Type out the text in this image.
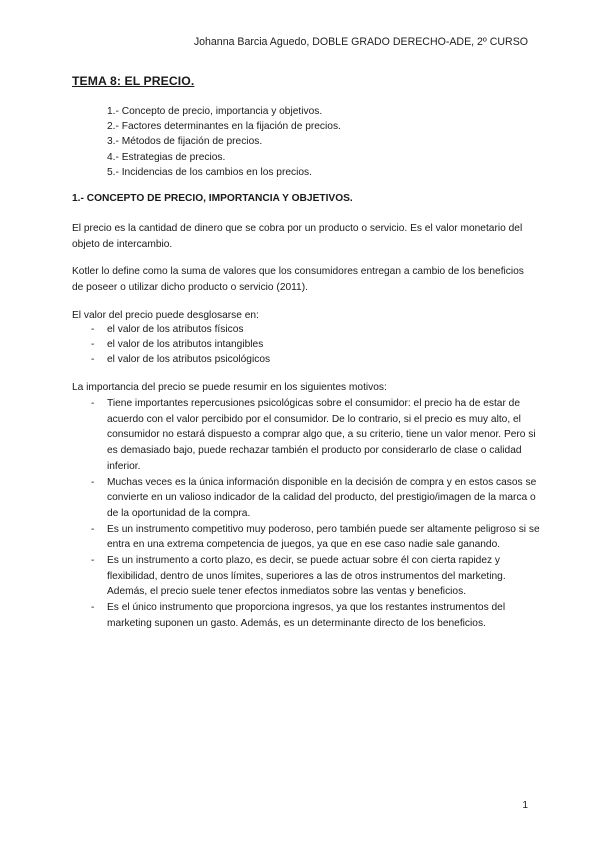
Johanna Barcia Aguedo, DOBLE GRADO DERECHO-ADE, 2º CURSO
TEMA 8: EL PRECIO.
1.- Concepto de precio, importancia y objetivos.
2.- Factores determinantes en la fijación de precios.
3.- Métodos de fijación de precios.
4.- Estrategias de precios.
5.- Incidencias de los cambios en los precios.
1.- CONCEPTO DE PRECIO, IMPORTANCIA Y OBJETIVOS.

El precio es la cantidad de dinero que se cobra por un producto o servicio. Es el valor monetario del objeto de intercambio.

Kotler lo define como la suma de valores que los consumidores entregan a cambio de los beneficios de poseer o utilizar dicho producto o servicio (2011).

El valor del precio puede desglosarse en:

- el valor de los atributos físicos
- el valor de los atributos intangibles
- el valor de los atributos psicológicos

La importancia del precio se puede resumir en los siguientes motivos:

- Tiene importantes repercusiones psicológicas sobre el consumidor: el precio ha de estar de acuerdo con el valor percibido por el consumidor. De lo contrario, si el precio es muy alto, el consumidor no estará dispuesto a comprar algo que, a su criterio, tiene un valor menor. Pero si es demasiado bajo, puede rechazar también el producto por considerarlo de clase o calidad inferior.
- Muchas veces es la única información disponible en la decisión de compra y en estos casos se convierte en un valioso indicador de la calidad del producto, del prestigio/imagen de la marca o de la oportunidad de la compra.
- Es un instrumento competitivo muy poderoso, pero también puede ser altamente peligroso si se entra en una extrema competencia de juegos, ya que en ese caso nadie sale ganando.
- Es un instrumento a corto plazo, es decir, se puede actuar sobre él con cierta rapidez y flexibilidad, dentro de unos límites, superiores a las de otros instrumentos del marketing. Además, el precio suele tener efectos inmediatos sobre las ventas y beneficios.
- Es el único instrumento que proporciona ingresos, ya que los restantes instrumentos del marketing suponen un gasto. Además, es un determinante directo de los beneficios.
1
